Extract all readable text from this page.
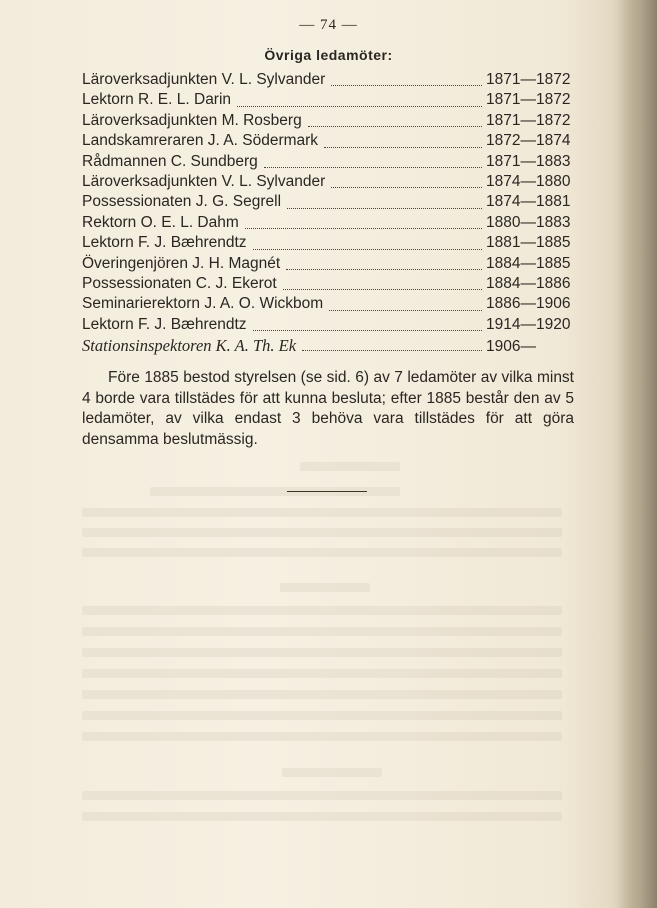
— 74 —
Övriga ledamöter:
Läroverksadjunkten V. L. Sylvander	1871—1872
Lektorn R. E. L. Darin	1871—1872
Läroverksadjunkten M. Rosberg	1871—1872
Landskamreraren J. A. Södermark	1872—1874
Rådmannen C. Sundberg	1871—1883
Läroverksadjunkten V. L. Sylvander	1874—1880
Possessionaten J. G. Segrell	1874—1881
Rektorn O. E. L. Dahm	1880—1883
Lektorn F. J. Bæhrendtz	1881—1885
Överingenjören J. H. Magnét	1884—1885
Possessionaten C. J. Ekerot	1884—1886
Seminarierektorn J. A. O. Wickbom	1886—1906
Lektorn F. J. Bæhrendtz	1914—1920
Stationsinspektoren K. A. Th. Ek	1906—
Före 1885 bestod styrelsen (se sid. 6) av 7 ledamöter av vilka minst 4 borde vara tillstädes för att kunna besluta; efter 1885 består den av 5 ledamöter, av vilka endast 3 behöva vara tillstädes för att göra densamma beslutmässig.
